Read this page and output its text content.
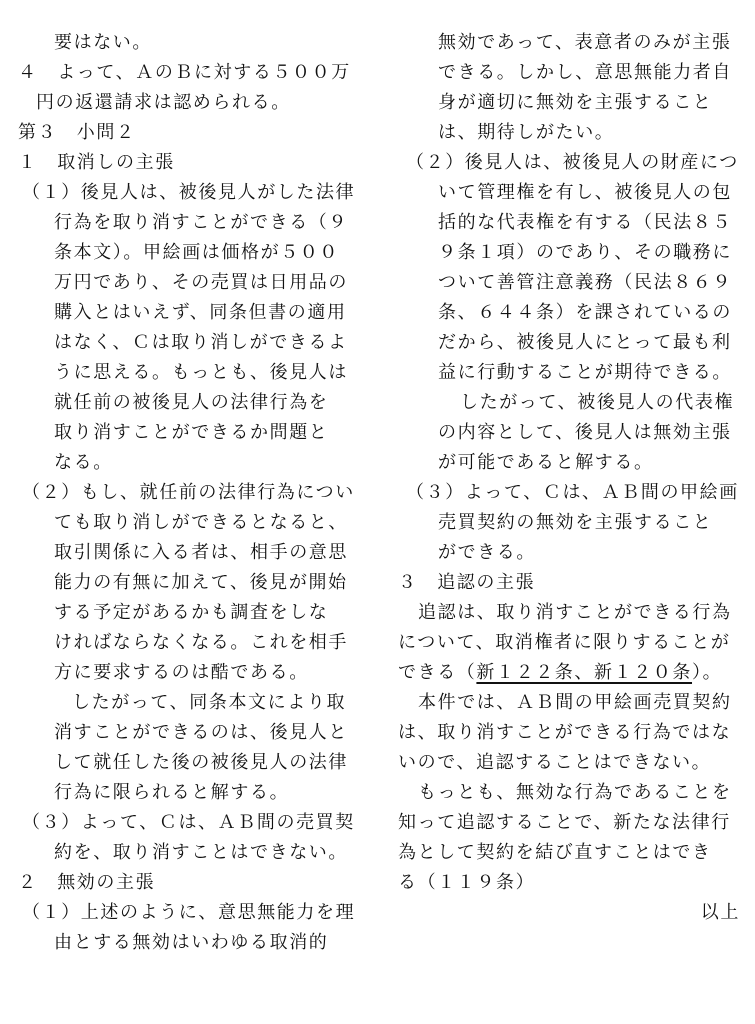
要はない。
４　よって、ＡのＢに対する５００万
円の返還請求は認められる。
第３　小問２
１　取消しの主張
（１）後見人は、被後見人がした法律
行為を取り消すことができる（９
条本文）。甲絵画は価格が５００
万円であり、その売買は日用品の
購入とはいえず、同条但書の適用
はなく、Ｃは取り消しができるよ
うに思える。もっとも、後見人は
就任前の被後見人の法律行為を
取り消すことができるか問題と
なる。
（２）もし、就任前の法律行為につい
ても取り消しができるとなると、
取引関係に入る者は、相手の意思
能力の有無に加えて、後見が開始
する予定があるかも調査をしな
ければならなくなる。これを相手
方に要求するのは酷である。
したがって、同条本文により取
消すことができるのは、後見人と
して就任した後の被後見人の法律
行為に限られると解する。
（３）よって、Ｃは、ＡＢ間の売買契
約を、取り消すことはできない。
２　無効の主張
（１）上述のように、意思無能力を理
由とする無効はいわゆる取消的
無効であって、表意者のみが主張
できる。しかし、意思無能力者自
身が適切に無効を主張すること
は、期待しがたい。
（２）後見人は、被後見人の財産につ
いて管理権を有し、被後見人の包
括的な代表権を有する（民法８５
９条１項）のであり、その職務に
ついて善管注意義務（民法８６９
条、６４４条）を課されているの
だから、被後見人にとって最も利
益に行動することが期待できる。
したがって、被後見人の代表権
の内容として、後見人は無効主張
が可能であると解する。
（３）よって、Ｃは、ＡＢ間の甲絵画
売買契約の無効を主張すること
ができる。
３　追認の主張
追認は、取り消すことができる行為
について、取消権者に限りすることが
できる（新１２２条、新１２０条）。
本件では、ＡＢ間の甲絵画売買契約
は、取り消すことができる行為ではな
いので、追認することはできない。
もっとも、無効な行為であることを
知って追認することで、新たな法律行
為として契約を結び直すことはでき
る（１１９条）
以上
